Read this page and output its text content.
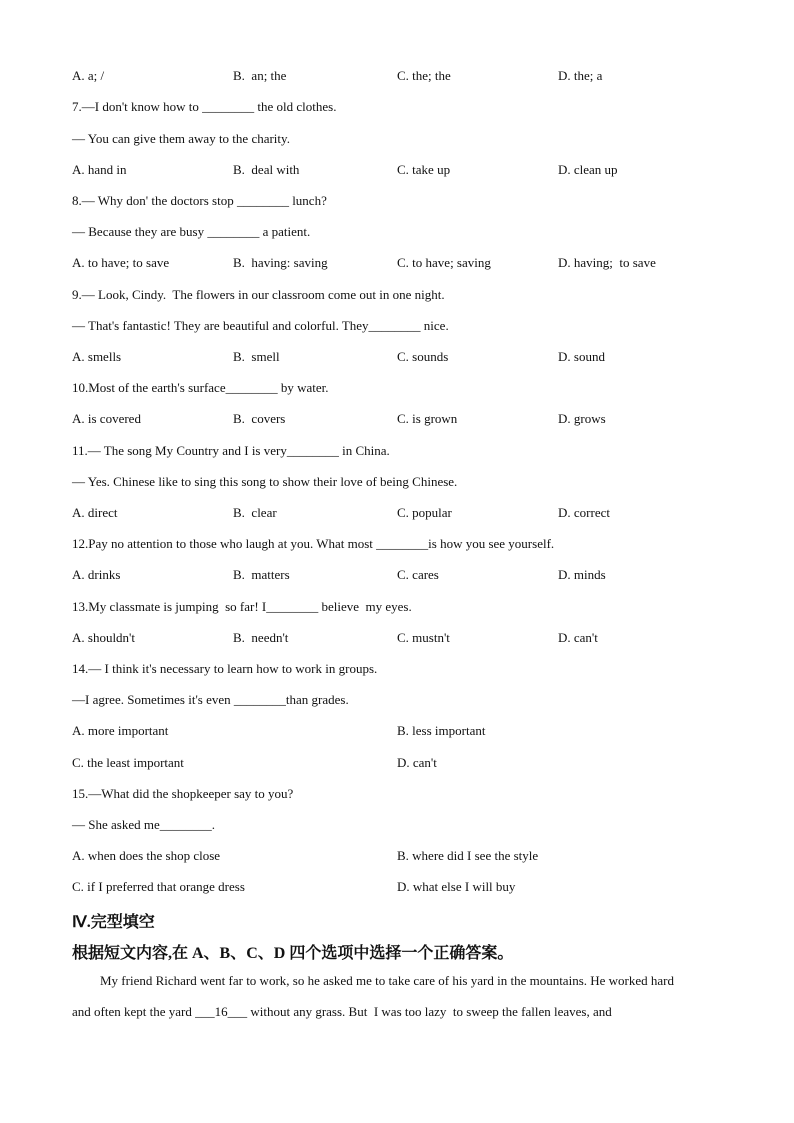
A. a; /	B.  an; the	C. the; the	D. the; a
7.—I don't know how to ________ the old clothes.
— You can give them away to the charity.
A. hand in	B.  deal with	C. take up	D. clean up
8.— Why don' the doctors stop ________ lunch?
— Because they are busy ________ a patient.
A. to have; to save	B.  having: saving	C. to have; saving	D. having;  to save
9.— Look, Cindy.  The flowers in our classroom come out in one night.
— That's fantastic! They are beautiful and colorful. They________ nice.
A. smells	B.  smell	C. sounds	D. sound
10.Most of the earth's surface________ by water.
A. is covered	B.  covers	C. is grown	D. grows
11.— The song My Country and I is very________ in China.
— Yes. Chinese like to sing this song to show their love of being Chinese.
A. direct	B.  clear	C. popular	D. correct
12.Pay no attention to those who laugh at you. What most ________is how you see yourself.
A. drinks	B.  matters	C. cares	D. minds
13.My classmate is jumping  so far! I________ believe  my eyes.
A. shouldn't	B.  needn't	C. mustn't	D. can't
14.— I think it's necessary to learn how to work in groups.
—I agree. Sometimes it's even ________than grades.
A. more important	B. less important
C. the least important	D. can't
15.—What did the shopkeeper say to you?
— She asked me________.
A. when does the shop close	B. where did I see the style
C. if I preferred that orange dress	D. what else I will buy
Ⅳ.完型填空
根据短文内容,在 A、B、C、D 四个选项中选择一个正确答案。
My friend Richard went far to work, so he asked me to take care of his yard in the mountains. He worked hard
and often kept the yard ___16___ without any grass. But  I was too lazy  to sweep the fallen leaves, and
